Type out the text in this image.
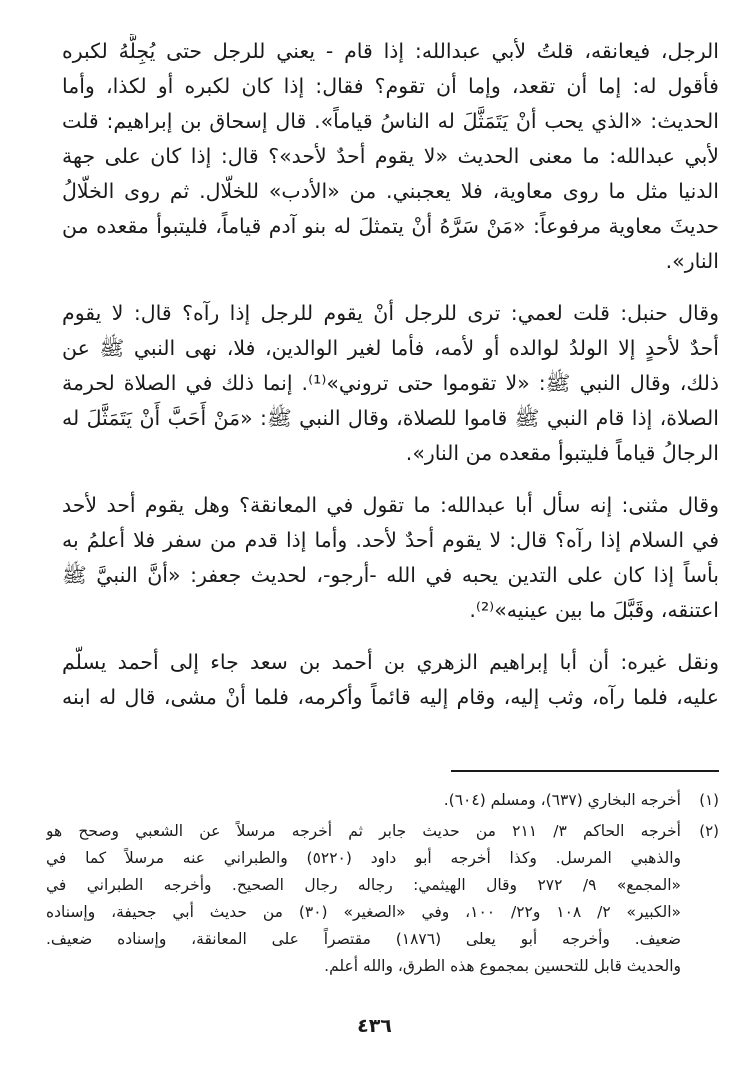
الرجل، فيعانقه، قلتُ لأبي عبدالله: إذا قام - يعني للرجل حتى يُجِلَّهُ لكبره

فأقول له: إما أن تقعد، وإما أن تقوم؟ فقال: إذا كان لكبره أو لكذا، وأما

الحديث: «الذي يحب أنْ يَتَمَثَّلَ له الناسُ قياماً». قال إسحاق بن إبراهيم: قلت

لأبي عبدالله: ما معنى الحديث «لا يقوم أحدٌ لأحد»؟ قال: إذا كان على جهة

الدنيا مثل ما روى معاوية، فلا يعجبني. من «الأدب» للخلّال. ثم روى الخلّالُ

حديثَ معاوية مرفوعاً: «مَنْ سَرَّهُ أنْ يتمثلَ له بنو آدم قياماً، فليتبوأ مقعده من

النار».

وقال حنبل: قلت لعمي: ترى للرجل أنْ يقوم للرجل إذا رآه؟ قال: لا يقوم

أحدٌ لأحدٍ إلا الولدُ لوالده أو لأمه، فأما لغير الوالدين، فلا، نهى النبي ﷺ عن

ذلك، وقال النبي ﷺ: «لا تقوموا حتى تروني»⁽¹⁾. إنما ذلك في الصلاة لحرمة

الصلاة، إذا قام النبي ﷺ قاموا للصلاة، وقال النبي ﷺ: «مَنْ أَحَبَّ أَنْ يَتَمَثَّلَ له

الرجالُ قياماً فليتبوأ مقعده من النار».

وقال مثنى: إنه سأل أبا عبدالله: ما تقول في المعانقة؟ وهل يقوم أحد لأحد

في السلام إذا رآه؟ قال: لا يقوم أحدٌ لأحد. وأما إذا قدم من سفر فلا أعلمُ به

بأساً إذا كان على التدين يحبه في الله -أرجو-، لحديث جعفر: «أنَّ النبيَّ ﷺ

اعتنقه، وقَبَّلَ ما بين عينيه»⁽²⁾.

ونقل غيره: أن أبا إبراهيم الزهري بن أحمد بن سعد جاء إلى أحمد يسلّم

عليه، فلما رآه، وثب إليه، وقام إليه قائماً وأكرمه، فلما أنْ مشى، قال له ابنه

(١)

أخرجه البخاري (٦٣٧)، ومسلم (٦٠٤).

(٢)

أخرجه الحاكم ٣/ ٢١١ من حديث جابر ثم أخرجه مرسلاً عن الشعبي وصحح هو

والذهبي المرسل. وكذا أخرجه أبو داود (٥٢٢٠) والطبراني عنه مرسلاً كما في

«المجمع» ٩/ ٢٧٢ وقال الهيثمي: رجاله رجال الصحيح. وأخرجه الطبراني في

«الكبير» ٢/ ١٠٨ و٢٢/ ١٠٠، وفي «الصغير» (٣٠) من حديث أبي جحيفة، وإسناده

ضعيف. وأخرجه أبو يعلى (١٨٧٦) مقتصراً على المعانقة، وإسناده ضعيف.

والحديث قابل للتحسين بمجموع هذه الطرق، والله أعلم.

٤٣٦
